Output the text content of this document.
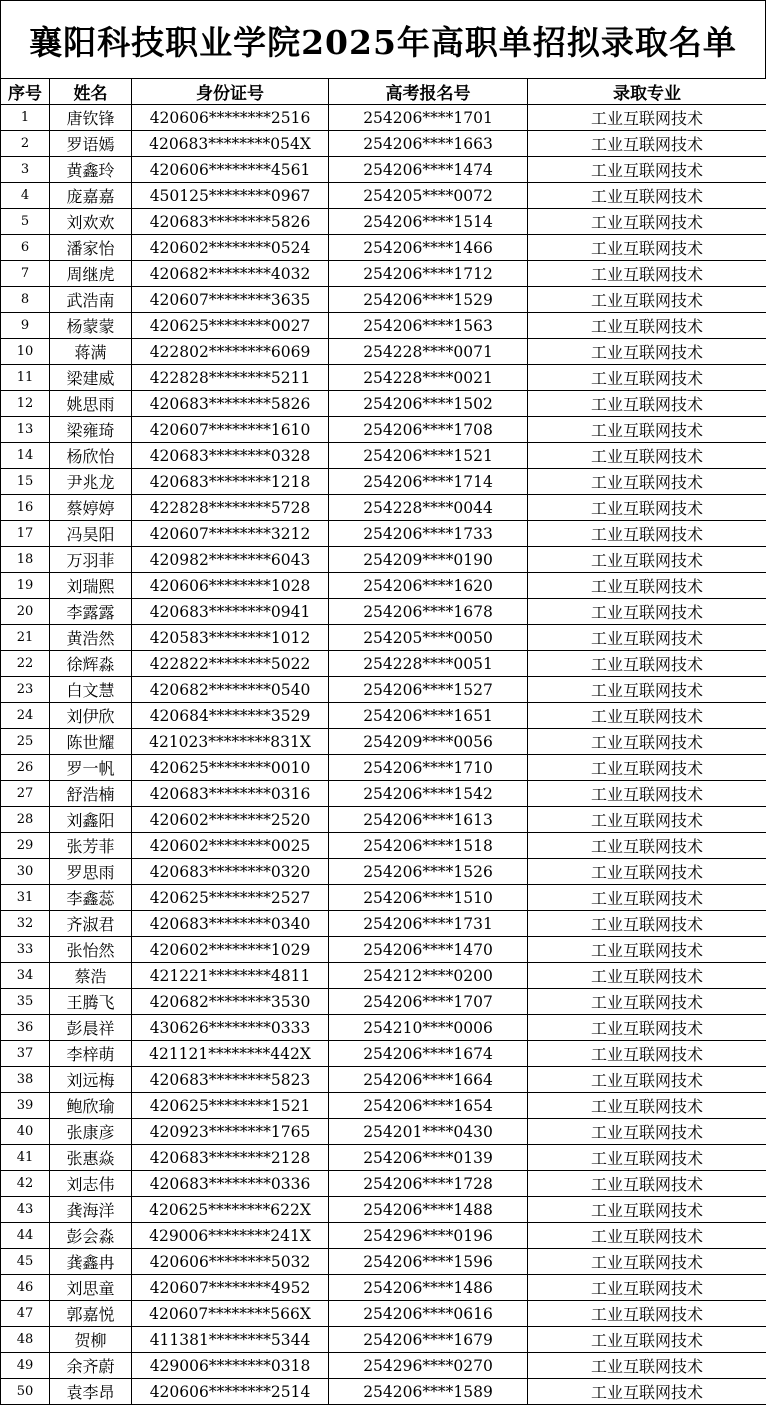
襄阳科技职业学院2025年高职单招拟录取名单
序号	姓名	身份证号	高考报名号	录取专业
1	唐钦锋	420606********2516	254206****1701	工业互联网技术
2	罗语嫣	420683********054X	254206****1663	工业互联网技术
3	黄鑫玲	420606********4561	254206****1474	工业互联网技术
4	庞嘉嘉	450125********0967	254205****0072	工业互联网技术
5	刘欢欢	420683********5826	254206****1514	工业互联网技术
6	潘家怡	420602********0524	254206****1466	工业互联网技术
7	周继虎	420682********4032	254206****1712	工业互联网技术
8	武浩南	420607********3635	254206****1529	工业互联网技术
9	杨蒙蒙	420625********0027	254206****1563	工业互联网技术
10	蒋满	422802********6069	254228****0071	工业互联网技术
11	梁建威	422828********5211	254228****0021	工业互联网技术
12	姚思雨	420683********5826	254206****1502	工业互联网技术
13	梁雍琦	420607********1610	254206****1708	工业互联网技术
14	杨欣怡	420683********0328	254206****1521	工业互联网技术
15	尹兆龙	420683********1218	254206****1714	工业互联网技术
16	蔡婷婷	422828********5728	254228****0044	工业互联网技术
17	冯昊阳	420607********3212	254206****1733	工业互联网技术
18	万羽菲	420982********6043	254209****0190	工业互联网技术
19	刘瑞熙	420606********1028	254206****1620	工业互联网技术
20	李露露	420683********0941	254206****1678	工业互联网技术
21	黄浩然	420583********1012	254205****0050	工业互联网技术
22	徐辉淼	422822********5022	254228****0051	工业互联网技术
23	白文慧	420682********0540	254206****1527	工业互联网技术
24	刘伊欣	420684********3529	254206****1651	工业互联网技术
25	陈世耀	421023********831X	254209****0056	工业互联网技术
26	罗一帆	420625********0010	254206****1710	工业互联网技术
27	舒浩楠	420683********0316	254206****1542	工业互联网技术
28	刘鑫阳	420602********2520	254206****1613	工业互联网技术
29	张芳菲	420602********0025	254206****1518	工业互联网技术
30	罗思雨	420683********0320	254206****1526	工业互联网技术
31	李鑫蕊	420625********2527	254206****1510	工业互联网技术
32	齐淑君	420683********0340	254206****1731	工业互联网技术
33	张怡然	420602********1029	254206****1470	工业互联网技术
34	蔡浩	421221********4811	254212****0200	工业互联网技术
35	王腾飞	420682********3530	254206****1707	工业互联网技术
36	彭晨祥	430626********0333	254210****0006	工业互联网技术
37	李梓萌	421121********442X	254206****1674	工业互联网技术
38	刘远梅	420683********5823	254206****1664	工业互联网技术
39	鲍欣瑜	420625********1521	254206****1654	工业互联网技术
40	张康彦	420923********1765	254201****0430	工业互联网技术
41	张惠焱	420683********2128	254206****0139	工业互联网技术
42	刘志伟	420683********0336	254206****1728	工业互联网技术
43	龚海洋	420625********622X	254206****1488	工业互联网技术
44	彭会淼	429006********241X	254296****0196	工业互联网技术
45	龚鑫冉	420606********5032	254206****1596	工业互联网技术
46	刘思童	420607********4952	254206****1486	工业互联网技术
47	郭嘉悦	420607********566X	254206****0616	工业互联网技术
48	贺柳	411381********5344	254206****1679	工业互联网技术
49	余齐蔚	429006********0318	254296****0270	工业互联网技术
50	袁李昂	420606********2514	254206****1589	工业互联网技术
